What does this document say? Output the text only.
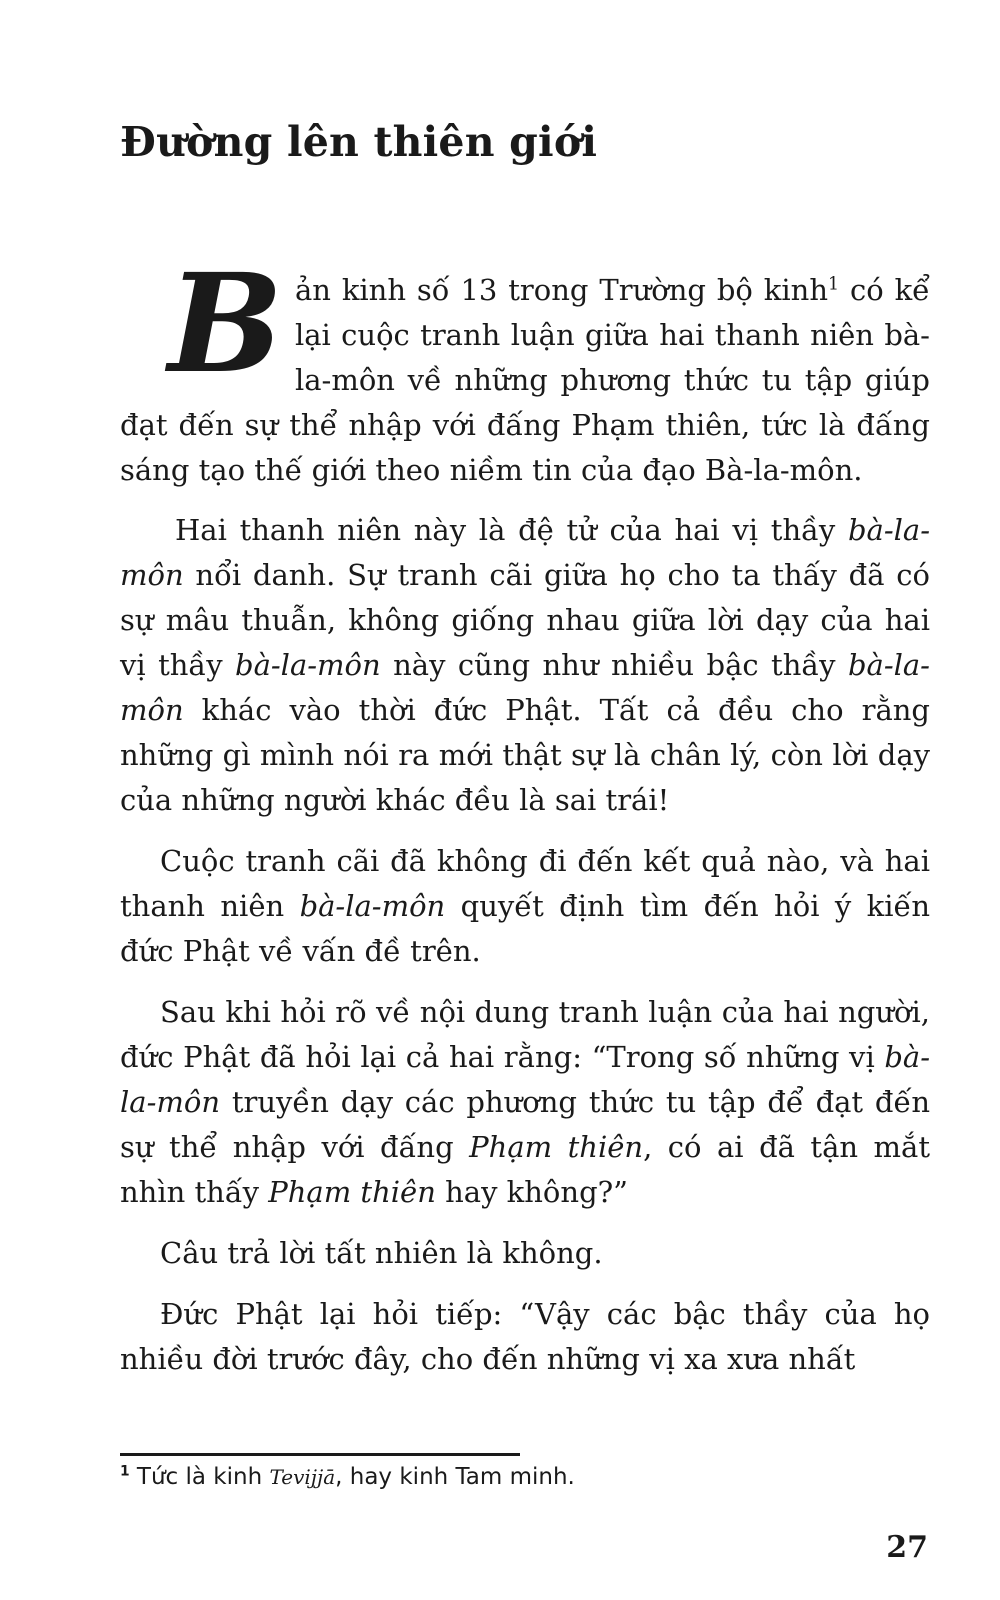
Đường lên thiên giới

Bản kinh số 13 trong Trường bộ kinh$^1$ có kể lại cuộc tranh luận giữa hai thanh niên bà-la-môn về những phương thức tu tập giúp đạt đến sự thể nhập với đấng Phạm thiên, tức là đấng sáng tạo thế giới theo niềm tin của đạo Bà-la-môn.

Hai thanh niên này là đệ tử của hai vị thầy bà-la-môn nổi danh. Sự tranh cãi giữa họ cho ta thấy đã có sự mâu thuẫn, không giống nhau giữa lời dạy của hai vị thầy bà-la-môn này cũng như nhiều bậc thầy bà-la-môn khác vào thời đức Phật. Tất cả đều cho rằng những gì mình nói ra mới thật sự là chân lý, còn lời dạy của những người khác đều là sai trái!

Cuộc tranh cãi đã không đi đến kết quả nào, và hai thanh niên bà-la-môn quyết định tìm đến hỏi ý kiến đức Phật về vấn đề trên.

Sau khi hỏi rõ về nội dung tranh luận của hai người, đức Phật đã hỏi lại cả hai rằng: “Trong số những vị bà-la-môn truyền dạy các phương thức tu tập để đạt đến sự thể nhập với đấng Phạm thiên, có ai đã tận mắt nhìn thấy Phạm thiên hay không?”

Câu trả lời tất nhiên là không.

Đức Phật lại hỏi tiếp: “Vậy các bậc thầy của họ nhiều đời trước đây, cho đến những vị xa xưa nhất

$^1$ Tức là kinh Tevijjā, hay kinh Tam minh.
27
